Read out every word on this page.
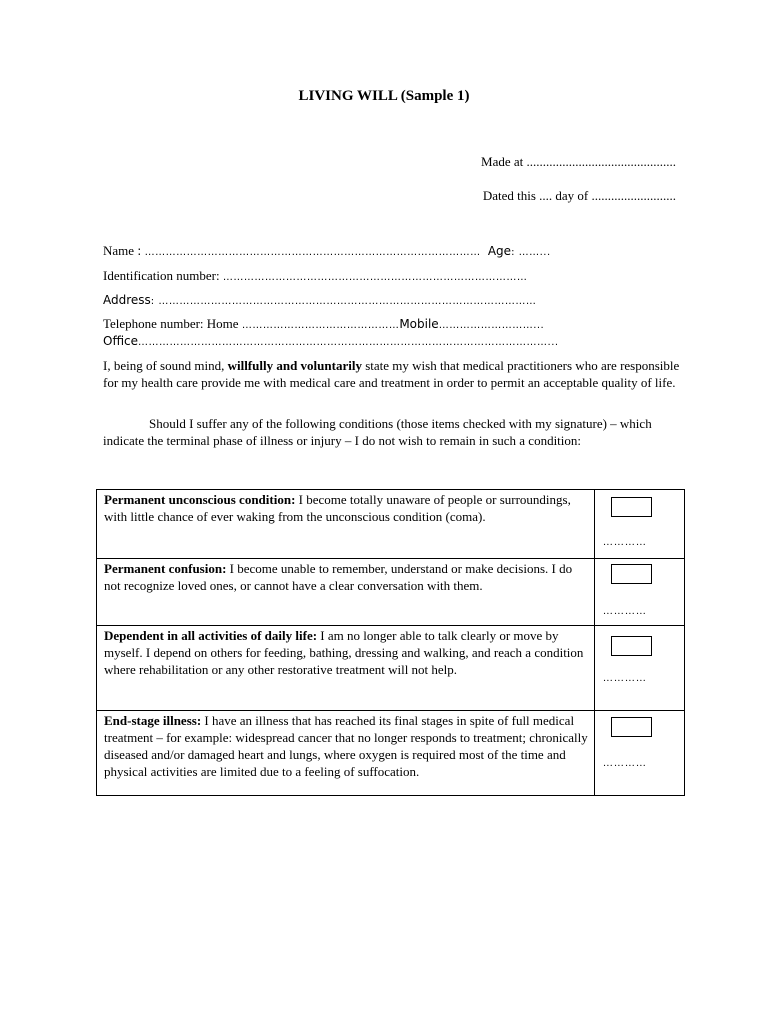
LIVING WILL (Sample 1)
Made at ..............................................
Dated this .... day of ..........................
Name : …………………………………………………………………………………… Age: ……...
Identification number: ……………………………………………………………………………
Address: ………………………………………………………………………………………………
Telephone number: Home ………………………………………Mobile………………………...
Office………………………………………………………………………………………………………...
I, being of sound mind, willfully and voluntarily state my wish that medical practitioners who are responsible for my health care provide me with medical care and treatment in order to permit an acceptable quality of life.
Should I suffer any of the following conditions (those items checked with my signature) – which indicate the terminal phase of illness or injury – I do not wish to remain in such a condition:
Permanent unconscious condition: I become totally unaware of people or surroundings, with little chance of ever waking from the unconscious condition (coma).	…………

Permanent confusion: I become unable to remember, understand or make decisions. I do not recognize loved ones, or cannot have a clear conversation with them.	…………

Dependent in all activities of daily life: I am no longer able to talk clearly or move by myself. I depend on others for feeding, bathing, dressing and walking, and reach a condition where rehabilitation or any other restorative treatment will not help.	…………

End-stage illness: I have an illness that has reached its final stages in spite of full medical treatment – for example: widespread cancer that no longer responds to treatment; chronically diseased and/or damaged heart and lungs, where oxygen is required most of the time and physical activities are limited due to a feeling of suffocation.	…………
